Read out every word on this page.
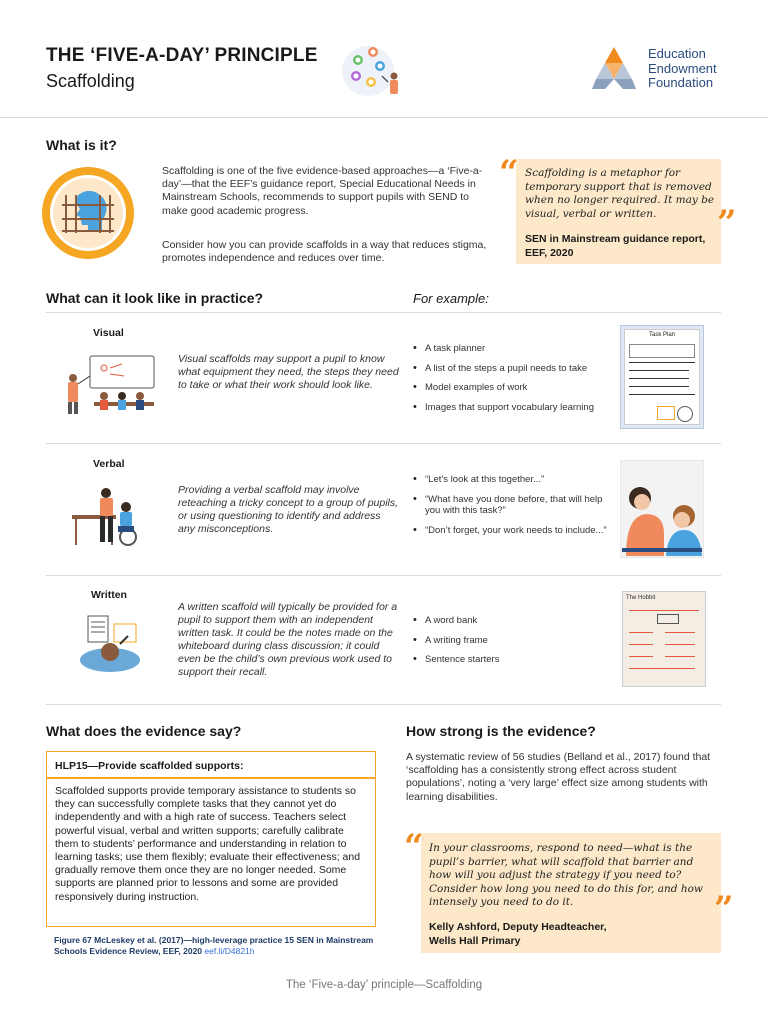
THE ‘FIVE-A-DAY’ PRINCIPLE
Scaffolding
Education
Endowment
Foundation
What is it?
Scaffolding is one of the five evidence-based approaches—a ‘Five-a-day’—that the EEF’s guidance report, Special Educational Needs in Mainstream Schools, recommends to support pupils with SEND to make good academic progress.
Consider how you can provide scaffolds in a way that reduces stigma, promotes independence and reduces over time.
“ Scaffolding is a metaphor for temporary support that is removed when no longer required. It may be visual, verbal or written.
SEN in Mainstream guidance report, EEF, 2020
”
What can it look like in practice?	For example:
Visual
Visual scaffolds may support a pupil to know what equipment they need, the steps they need to take or what their work should look like.
• A task planner
• A list of the steps a pupil needs to take
• Model examples of work
• Images that support vocabulary learning
Task Plan
Verbal
Providing a verbal scaffold may involve reteaching a tricky concept to a group of pupils, or using questioning to identify and address any misconceptions.
• “Let’s look at this together...”
• “What have you done before, that will help you with this task?”
• “Don’t forget, your work needs to include...”
Written
A written scaffold will typically be provided for a pupil to support them with an independent written task. It could be the notes made on the whiteboard during class discussion; it could even be the child’s own previous work used to support their recall.
• A word bank
• A writing frame
• Sentence starters
The Hobbit
What does the evidence say?
HLP15—Provide scaffolded supports:
Scaffolded supports provide temporary assistance to students so they can successfully complete tasks that they cannot yet do independently and with a high rate of success. Teachers select powerful visual, verbal and written supports; carefully calibrate them to students’ performance and understanding in relation to learning tasks; use them flexibly; evaluate their effectiveness; and gradually remove them once they are no longer needed. Some supports are planned prior to lessons and some are provided responsively during instruction.
Figure 67 McLeskey et al. (2017)—high-leverage practice 15 SEN in Mainstream Schools Evidence Review, EEF, 2020 eef.li/D4821h
How strong is the evidence?
A systematic review of 56 studies (Belland et al., 2017) found that ‘scaffolding has a consistently strong effect across student populations’, noting a ‘very large’ effect size among students with learning disabilities.
“ In your classrooms, respond to need—what is the pupil’s barrier, what will scaffold that barrier and how will you adjust the strategy if you need to? Consider how long you need to do this for, and how intensely you need to do it.	”
Kelly Ashford, Deputy Headteacher,
Wells Hall Primary
The ‘Five-a-day’ principle—Scaffolding
